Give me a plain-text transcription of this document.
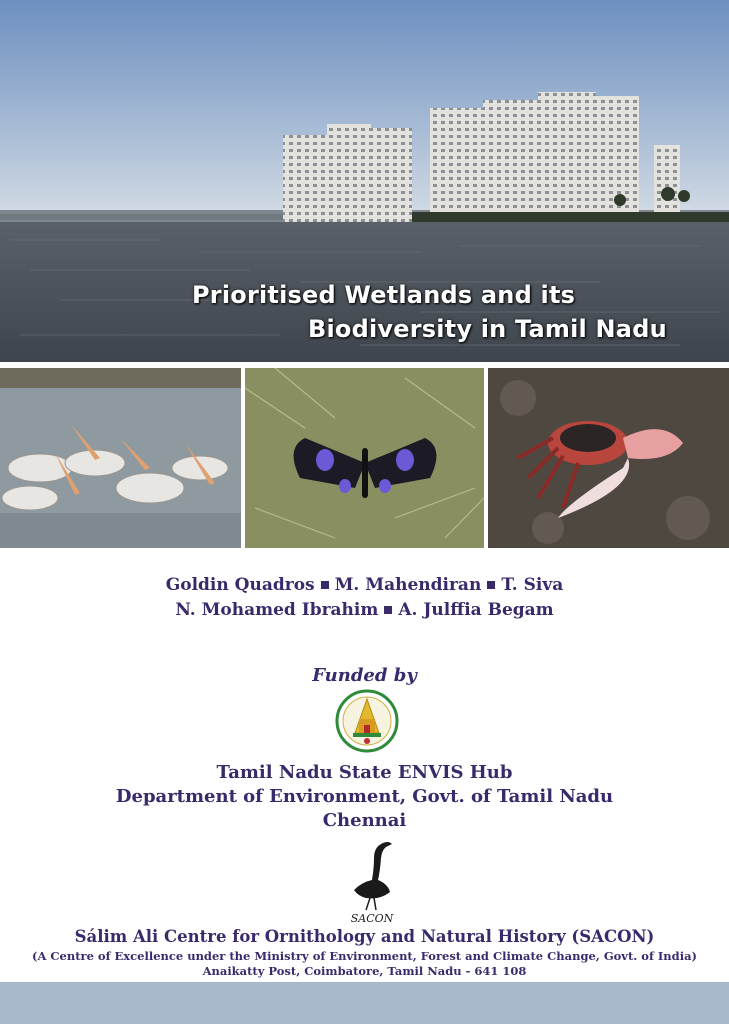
Prioritised Wetlands and its
Biodiversity in Tamil Nadu
Goldin Quadros M. Mahendiran T. Siva
N. Mohamed Ibrahim A. Julffia Begam
Funded by
Tamil Nadu State ENVIS Hub
Department of Environment, Govt. of Tamil Nadu
Chennai
SACON
Sálim Ali Centre for Ornithology and Natural History (SACON)
(A Centre of Excellence under the Ministry of Environment, Forest and Climate Change, Govt. of India)
Anaikatty Post, Coimbatore, Tamil Nadu - 641 108
